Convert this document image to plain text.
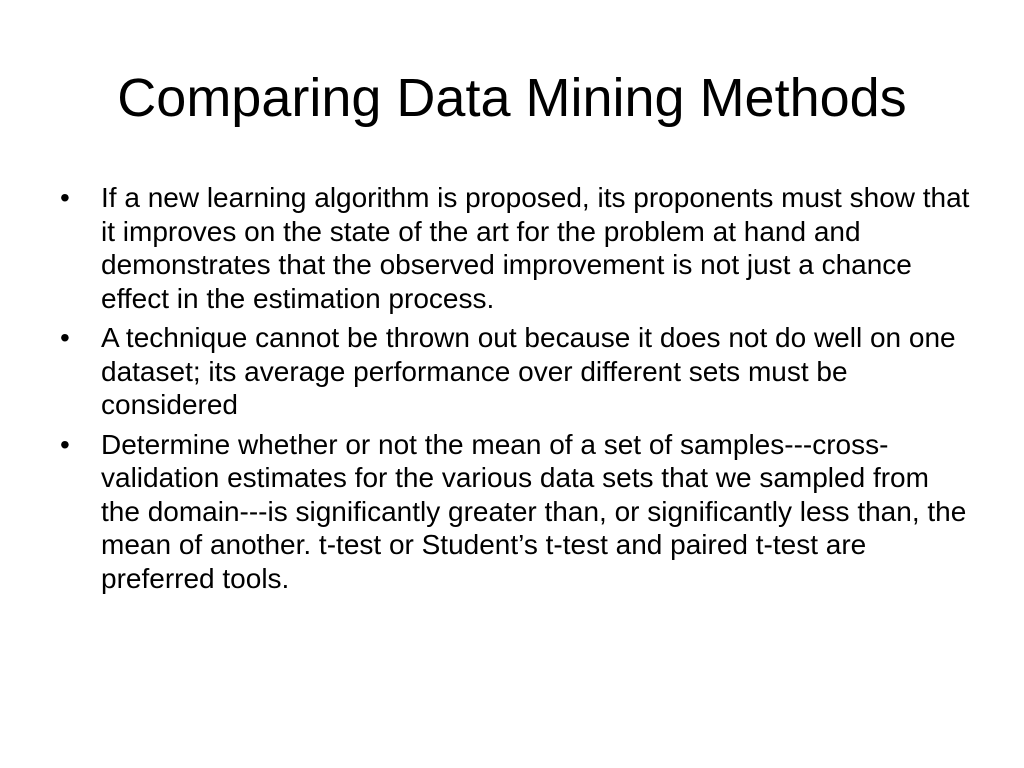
Comparing Data Mining Methods
•	If a new learning algorithm is proposed, its proponents must show that it improves on the state of the art for the problem at hand and demonstrates that the observed improvement is not just a chance effect in the estimation process.
•	A technique cannot be thrown out because it does not do well on one dataset; its average performance over different sets must be considered
•	Determine whether or not the mean of a set of samples---cross-validation estimates for the various data sets that we sampled from the domain---is significantly greater than, or significantly less than, the mean of another. t-test or Student’s t-test and paired t-test are preferred tools.
